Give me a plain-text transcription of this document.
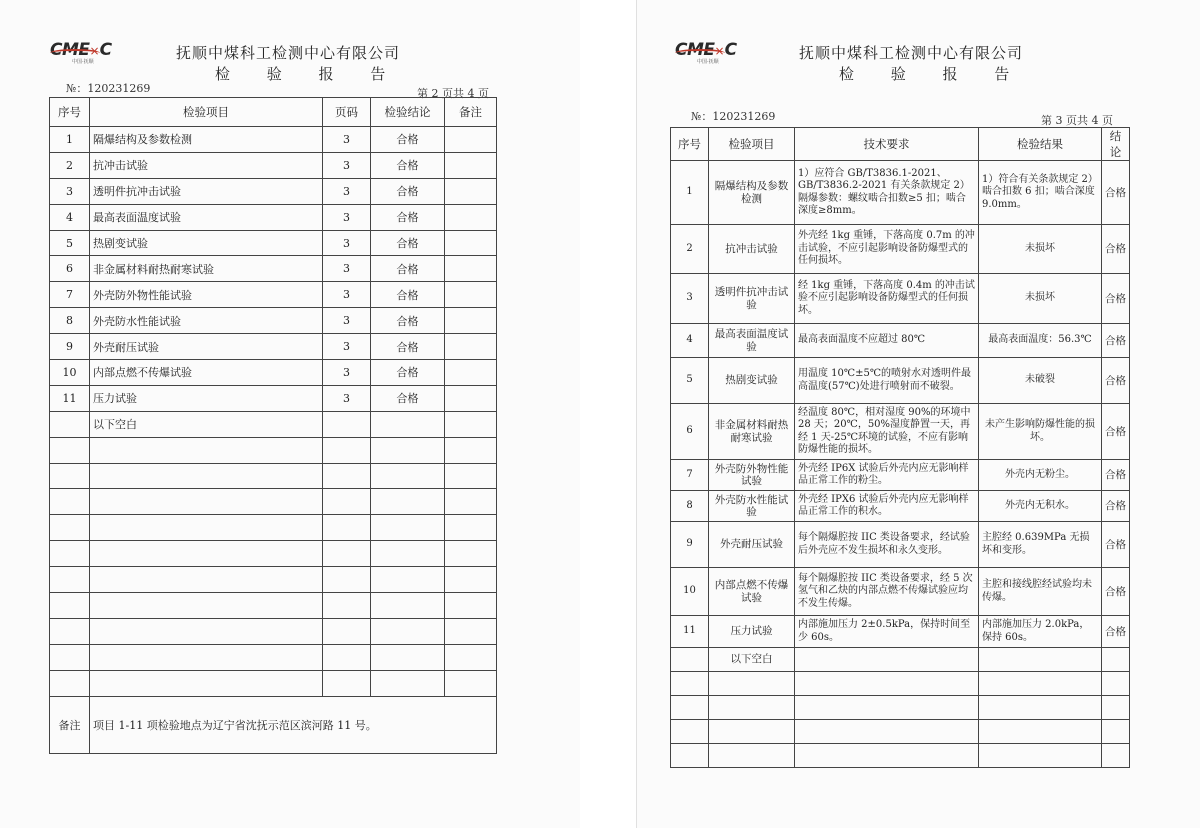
CME×C
中国·抚顺	抚顺中煤科工检测中心有限公司
检 验 报 告
№：120231269	第 2 页共 4 页
序号	检验项目	页码	检验结论	备注
1	隔爆结构及参数检测	3	合格	
2	抗冲击试验	3	合格	
3	透明件抗冲击试验	3	合格	
4	最高表面温度试验	3	合格	
5	热剧变试验	3	合格	
6	非金属材料耐热耐寒试验	3	合格	
7	外壳防外物性能试验	3	合格	
8	外壳防水性能试验	3	合格	
9	外壳耐压试验	3	合格	
10	内部点燃不传爆试验	3	合格	
11	压力试验	3	合格	
	以下空白			

备注	项目 1-11 项检验地点为辽宁省沈抚示范区滨河路 11 号。			
CME×C
中国·抚顺	抚顺中煤科工检测中心有限公司
检 验 报 告
№：120231269	第 3 页共 4 页
序号	检验项目	技术要求	检验结果	结论
1	隔爆结构及参数检测	1）应符合 GB/T3836.1-2021、GB/T3836.2-2021 有关条款规定 2）隔爆参数：螺纹啮合扣数≥5 扣；啮合深度≥8mm。	1）符合有关条款规定 2）啮合扣数 6 扣；啮合深度 9.0mm。	合格
2	抗冲击试验	外壳经 1kg 重锤，下落高度 0.7m 的冲击试验，不应引起影响设备防爆型式的任何损坏。	未损坏	合格
3	透明件抗冲击试验	经 1kg 重锤，下落高度 0.4m 的冲击试验不应引起影响设备防爆型式的任何损坏。	未损坏	合格
4	最高表面温度试验	最高表面温度不应超过 80℃	最高表面温度：56.3℃	合格
5	热剧变试验	用温度 10℃±5℃的喷射水对透明件最高温度(57℃)处进行喷射而不破裂。	未破裂	合格
6	非金属材料耐热耐寒试验	经温度 80℃，相对湿度 90%的环境中 28 天；20℃，50%湿度静置一天，再经 1 天-25℃环境的试验，不应有影响防爆性能的损坏。	未产生影响防爆性能的损坏。	合格
7	外壳防外物性能试验	外壳经 IP6X 试验后外壳内应无影响样品正常工作的粉尘。	外壳内无粉尘。	合格
8	外壳防水性能试验	外壳经 IPX6 试验后外壳内应无影响样品正常工作的积水。	外壳内无积水。	合格
9	外壳耐压试验	每个隔爆腔按 IIC 类设备要求，经试验后外壳应不发生损坏和永久变形。	主腔经 0.639MPa 无损坏和变形。	合格
10	内部点燃不传爆试验	每个隔爆腔按 IIC 类设备要求，经 5 次氢气和乙炔的内部点燃不传爆试验应均不发生传爆。	主腔和接线腔经试验均未传爆。	合格
11	压力试验	内部施加压力 2±0.5kPa，保持时间至少 60s。	内部施加压力 2.0kPa，保持 60s。	合格
	以下空白			
